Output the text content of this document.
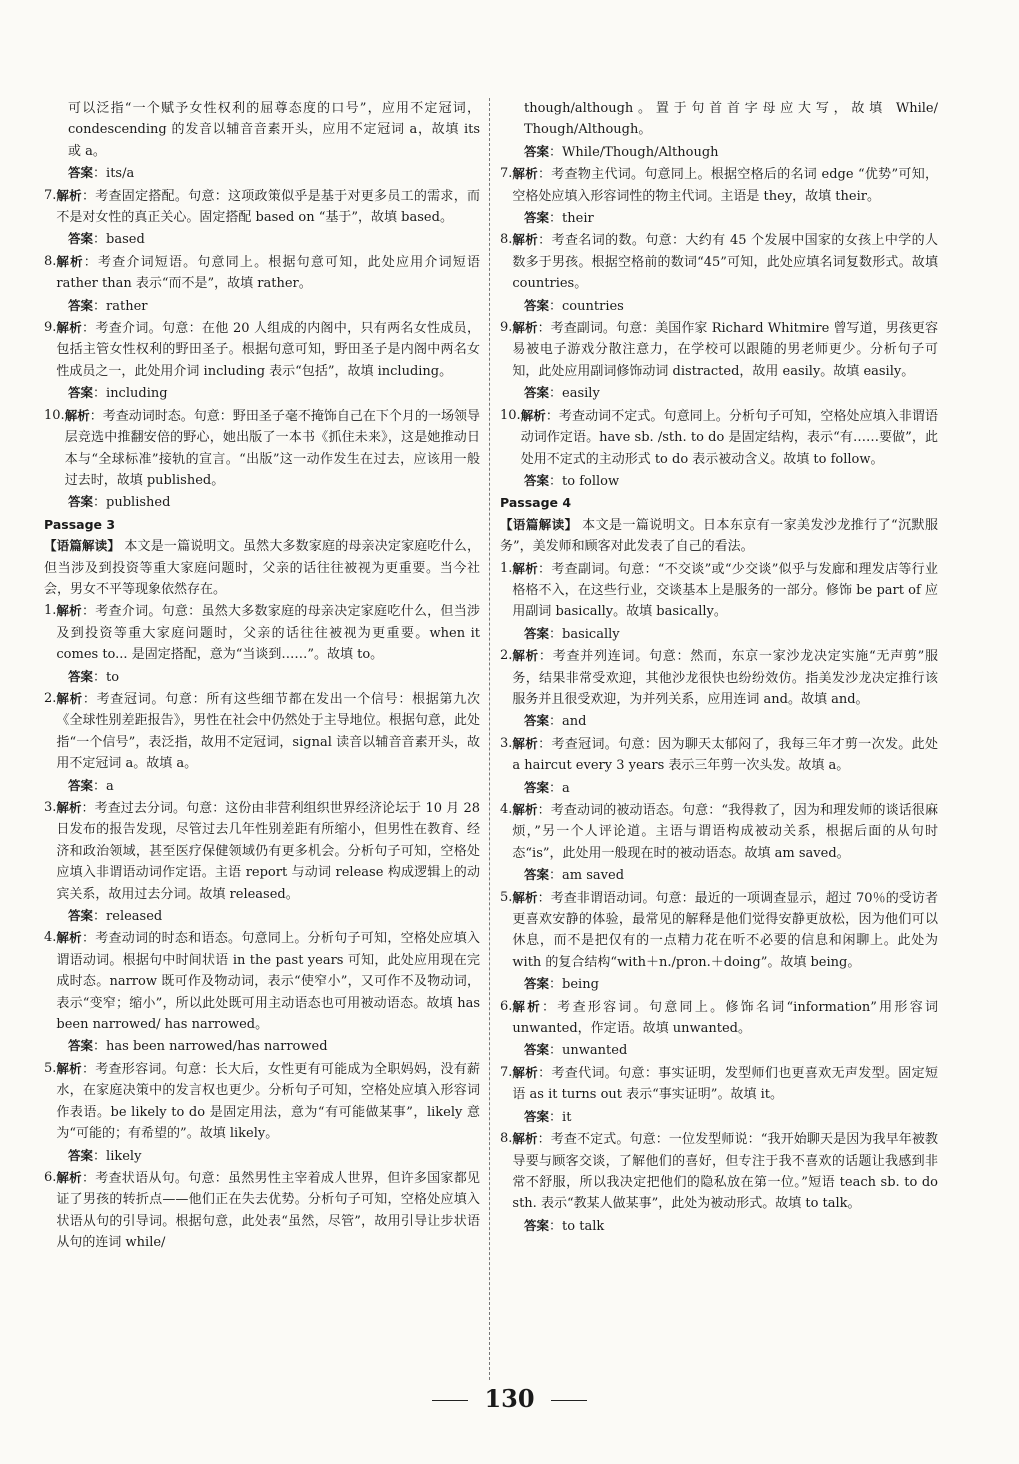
可以泛指“一个赋予女性权利的屈尊态度的口号”，应用不定冠词，condescending 的发音以辅音音素开头，应用不定冠词 a，故填 its 或 a。

答案：its/a

7. 解析：考查固定搭配。句意：这项政策似乎是基于对更多员工的需求，而不是对女性的真正关心。固定搭配 based on “基于”，故填 based。

答案：based

8. 解析：考查介词短语。句意同上。根据句意可知，此处应用介词短语 rather than 表示“而不是”，故填 rather。

答案：rather

9. 解析：考查介词。句意：在他 20 人组成的内阁中，只有两名女性成员，包括主管女性权利的野田圣子。根据句意可知，野田圣子是内阁中两名女性成员之一，此处用介词 including 表示“包括”，故填 including。

答案：including

10. 解析：考查动词时态。句意：野田圣子毫不掩饰自己在下个月的一场领导层竞选中推翻安倍的野心，她出版了一本书《抓住未来》，这是她推动日本与“全球标准”接轨的宣言。“出版”这一动作发生在过去，应该用一般过去时，故填 published。

答案：published

Passage 3

【语篇解读】 本文是一篇说明文。虽然大多数家庭的母亲决定家庭吃什么，但当涉及到投资等重大家庭问题时，父亲的话往往被视为更重要。当今社会，男女不平等现象依然存在。

1. 解析：考查介词。句意：虽然大多数家庭的母亲决定家庭吃什么，但当涉及到投资等重大家庭问题时，父亲的话往往被视为更重要。when it comes to... 是固定搭配，意为“当谈到……”。故填 to。

答案：to

2. 解析：考查冠词。句意：所有这些细节都在发出一个信号：根据第九次《全球性别差距报告》，男性在社会中仍然处于主导地位。根据句意，此处指“一个信号”，表泛指，故用不定冠词，signal 读音以辅音音素开头，故用不定冠词 a。故填 a。

答案：a

3. 解析：考查过去分词。句意：这份由非营利组织世界经济论坛于 10 月 28 日发布的报告发现，尽管过去几年性别差距有所缩小，但男性在教育、经济和政治领域，甚至医疗保健领域仍有更多机会。分析句子可知，空格处应填入非谓语动词作定语。主语 report 与动词 release 构成逻辑上的动宾关系，故用过去分词。故填 released。

答案：released

4. 解析：考查动词的时态和语态。句意同上。分析句子可知，空格处应填入谓语动词。根据句中时间状语 in the past years 可知，此处应用现在完成时态。narrow 既可作及物动词，表示“使窄小”，又可作不及物动词，表示“变窄；缩小”，所以此处既可用主动语态也可用被动语态。故填 has been narrowed/ has narrowed。

答案：has been narrowed/has narrowed

5. 解析：考查形容词。句意：长大后，女性更有可能成为全职妈妈，没有薪水，在家庭决策中的发言权也更少。分析句子可知，空格处应填入形容词作表语。be likely to do 是固定用法，意为“有可能做某事”，likely 意为“可能的；有希望的”。故填 likely。

答案：likely

6. 解析：考查状语从句。句意：虽然男性主宰着成人世界，但许多国家都见证了男孩的转折点——他们正在失去优势。分析句子可知，空格处应填入状语从句的引导词。根据句意，此处表“虽然，尽管”，故用引导让步状语从句的连词 while/

though/although。置于句首首字母应大写，故填 While/ Though/Although。

答案：While/Though/Although

7. 解析：考查物主代词。句意同上。根据空格后的名词 edge “优势”可知，空格处应填入形容词性的物主代词。主语是 they，故填 their。

答案：their

8. 解析：考查名词的数。句意：大约有 45 个发展中国家的女孩上中学的人数多于男孩。根据空格前的数词“45”可知，此处应填名词复数形式。故填 countries。

答案：countries

9. 解析：考查副词。句意：美国作家 Richard Whitmire 曾写道，男孩更容易被电子游戏分散注意力，在学校可以跟随的男老师更少。分析句子可知，此处应用副词修饰动词 distracted，故用 easily。故填 easily。

答案：easily

10. 解析：考查动词不定式。句意同上。分析句子可知，空格处应填入非谓语动词作定语。have sb. /sth. to do 是固定结构，表示“有……要做”，此处用不定式的主动形式 to do 表示被动含义。故填 to follow。

答案：to follow

Passage 4

【语篇解读】 本文是一篇说明文。日本东京有一家美发沙龙推行了“沉默服务”，美发师和顾客对此发表了自己的看法。

1. 解析：考查副词。句意：“不交谈”或“少交谈”似乎与发廊和理发店等行业格格不入，在这些行业，交谈基本上是服务的一部分。修饰 be part of 应用副词 basically。故填 basically。

答案：basically

2. 解析：考查并列连词。句意：然而，东京一家沙龙决定实施“无声剪”服务，结果非常受欢迎，其他沙龙很快也纷纷效仿。指美发沙龙决定推行该服务并且很受欢迎，为并列关系，应用连词 and。故填 and。

答案：and

3. 解析：考查冠词。句意：因为聊天太郁闷了，我每三年才剪一次发。此处 a haircut every 3 years 表示三年剪一次头发。故填 a。

答案：a

4. 解析：考查动词的被动语态。句意：“我得救了，因为和理发师的谈话很麻烦，”另一个人评论道。主语与谓语构成被动关系，根据后面的从句时态“is”，此处用一般现在时的被动语态。故填 am saved。

答案：am saved

5. 解析：考查非谓语动词。句意：最近的一项调查显示，超过 70％的受访者更喜欢安静的体验，最常见的解释是他们觉得安静更放松，因为他们可以休息，而不是把仅有的一点精力花在听不必要的信息和闲聊上。此处为 with 的复合结构“with＋n./pron.＋doing”。故填 being。

答案：being

6. 解析：考查形容词。句意同上。修饰名词“information”用形容词 unwanted，作定语。故填 unwanted。

答案：unwanted

7. 解析：考查代词。句意：事实证明，发型师们也更喜欢无声发型。固定短语 as it turns out 表示“事实证明”。故填 it。

答案：it

8. 解析：考查不定式。句意：一位发型师说：“我开始聊天是因为我早年被教导要与顾客交谈，了解他们的喜好，但专注于我不喜欢的话题让我感到非常不舒服，所以我决定把他们的隐私放在第一位。”短语 teach sb. to do sth. 表示“教某人做某事”，此处为被动形式。故填 to talk。

答案：to talk

130
